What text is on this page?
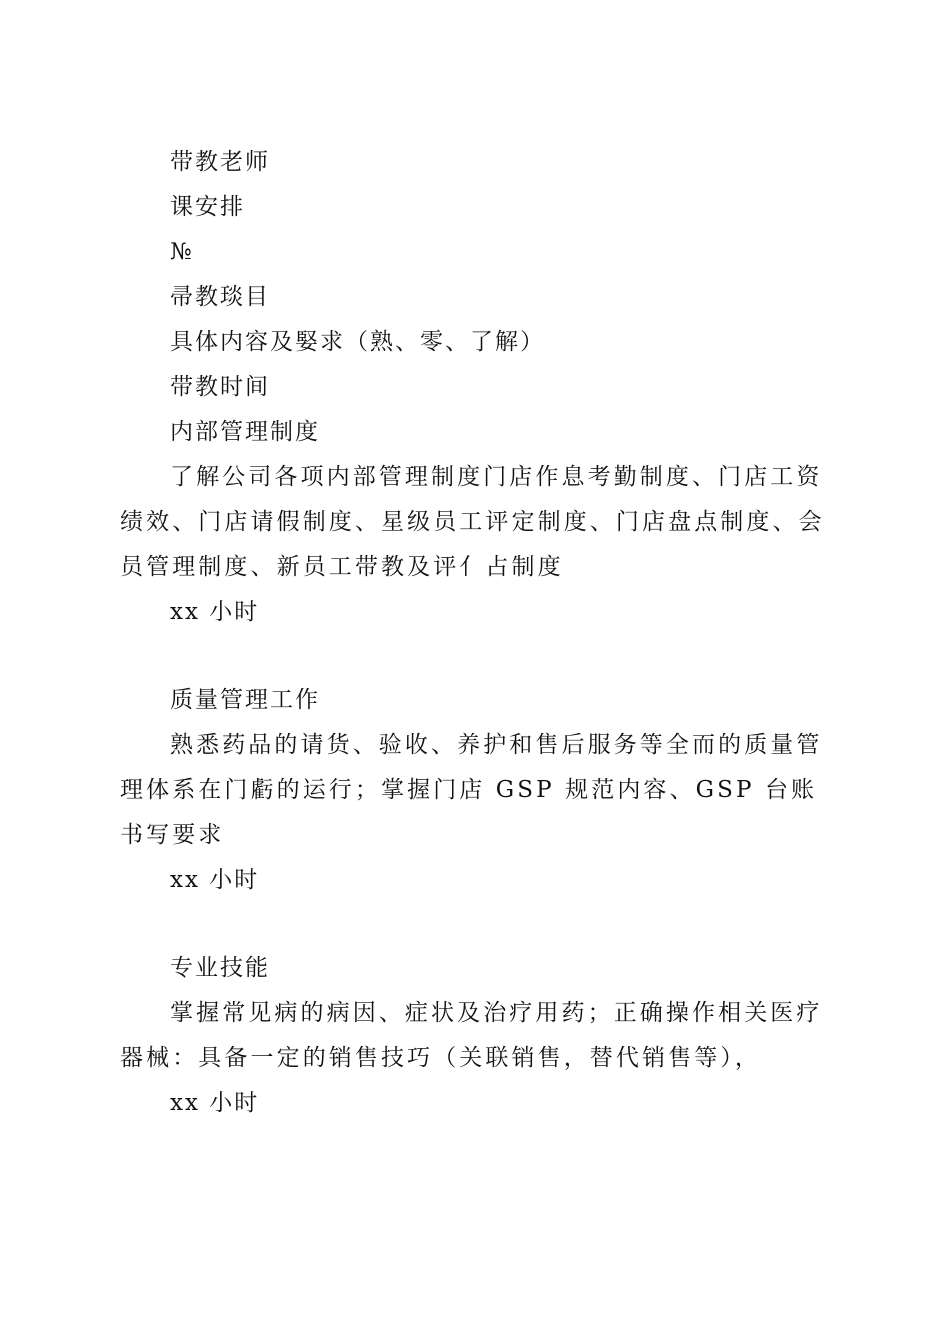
带教老师
课安排
№
帚教琰目
具体内容及婜求（熟、零、了解）
带教时间
内部管理制度
了解公司各项内部管理制度门店作息考勤制度、门店工资绩效、门店请假制度、星级员工评定制度、门店盘点制度、会员管理制度、新员工带教及评亻占制度
xx 小时
质量管理工作
熟悉药品的请货、验收、养护和售后服务等全而的质量管理体系在门虧的运行；掌握门店 GSP 规范内容、GSP 台账书写要求
xx 小时
专业技能
掌握常见病的病因、症状及治疗用药；正确操作相关医疗器械：具备一定的销售技巧（关联销售，替代销售等），
xx 小时
